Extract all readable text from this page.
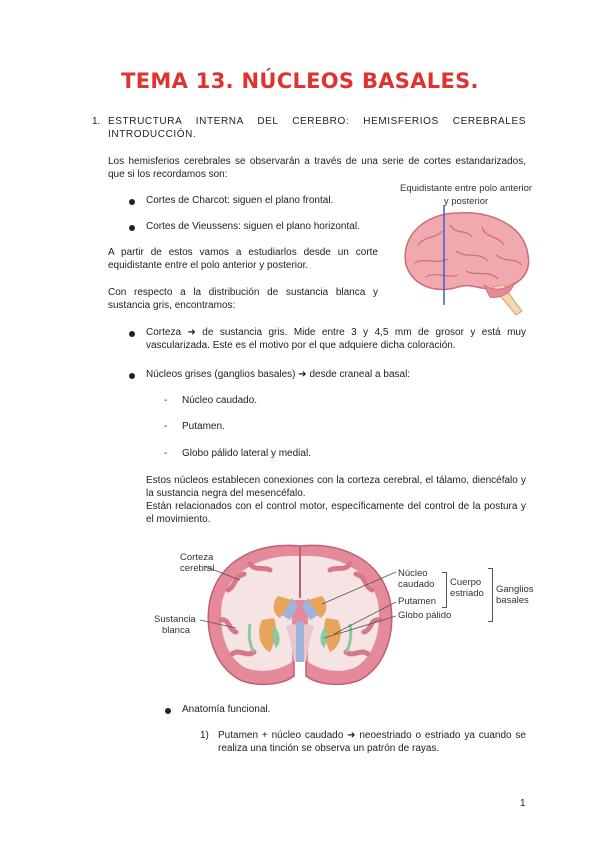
TEMA 13. NÚCLEOS BASALES.
1. ESTRUCTURA INTERNA DEL CEREBRO: HEMISFERIOS CEREBRALES
INTRODUCCIÓN.
Los hemisferios cerebrales se observarán a través de una serie de cortes estandarizados,
que si los recordamos son:
Cortes de Charcot: siguen el plano frontal.
Cortes de Vieussens: siguen el plano horizontal.
A partir de estos vamos a estudiarlos desde un corte
equidistante entre el polo anterior y posterior.
Con respecto a la distribución de sustancia blanca y
sustancia gris, encontramos:
Equidistante entre polo anterior
y posterior
Corteza ➜ de sustancia gris. Mide entre 3 y 4,5 mm de grosor y está muy
vascularizada. Este es el motivo por el que adquiere dicha coloración.
Núcleos grises (ganglios basales) ➜ desde craneal a basal:
- Núcleo caudado.
- Putamen.
- Globo pálido lateral y medial.
Estos núcleos establecen conexiones con la corteza cerebral, el tálamo, diencéfalo y
la sustancia negra del mesencéfalo.
Están relacionados con el control motor, específicamente del control de la postura y
el movimiento.
Corteza
cerebral
Sustancia
blanca
Núcleo
caudado
Putamen
Globo pálido
Cuerpo
estriado Ganglios
basales
Anatomía funcional.
1) Putamen + núcleo caudado ➜ neoestriado o estriado ya cuando se
realiza una tinción se observa un patrón de rayas.
1
